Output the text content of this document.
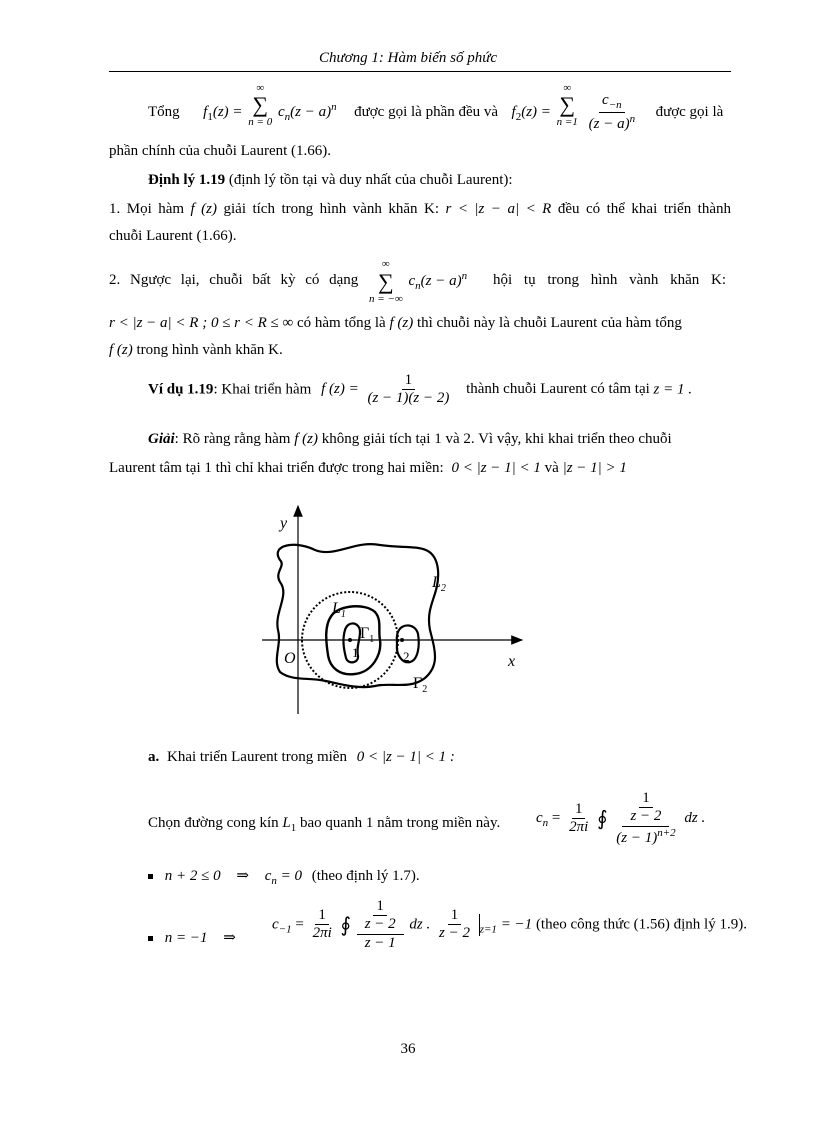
Chương 1: Hàm biến số phức
Tổng $f_1(z)$ =
∞
∑
n = 0
$c_n(z - a)^n$ được gọi là phần đều và $f_2(z)$ =
∞
∑
n =1
$\frac{c_{-n}}{(z - a)^n}$ được gọi là
phần chính của chuỗi Laurent (1.66).
Định lý 1.19 (định lý tồn tại và duy nhất của chuỗi Laurent):
1. Mọi hàm f (z) giải tích trong hình vành khăn K: r < |z − a| < R đều có thể khai triển thành
chuỗi Laurent (1.66).
2. Ngược lại, chuỗi bất kỳ có dạng
∞
∑
n = −∞
$c_n(z - a)^n$ hội tụ trong hình vành khăn K:
r < |z − a| < R ; 0 ≤ r < R ≤ ∞ có hàm tổng là f (z) thì chuỗi này là chuỗi Laurent của hàm tổng
f (z) trong hình vành khăn K.
Ví dụ 1.19: Khai triển hàm f $(z) = \frac{1}{(z - 1)(z - 2)}$ thành chuỗi Laurent có tâm tại z = 1 .
Giải: Rõ ràng rằng hàm f (z) không giải tích tại 1 và 2. Vì vậy, khi khai triển theo chuỗi
Laurent tâm tại 1 thì chỉ khai triển được trong hai miền: 0 < |z − 1| < 1 và |z − 1| > 1
y
x
O
$L_1$
$L_2$
$\Gamma_1$
$\Gamma_2$
1	2
a. Khai triển Laurent trong miền 0 < |z − 1| < 1 :
Chọn đường cong kín $L_1$ bao quanh 1 nằm trong miền này. $c_n = \frac{1}{2\pi i}$ ∮ $\frac{\frac{1}{z - 2}}{(z - 1)^{n+2}}$ dz .
n + 2 ≤ 0 ⇒ $c_n = 0$ (theo định lý 1.7).
n = −1 ⇒
$c_{-1} = \frac{1}{2\pi i}$ ∮ $\frac{\frac{1}{z - 2}}{z - 1}$ dz . $\frac{1}{z - 2} _{z=1} = -1$ (theo công thức (1.56) định lý 1.9).
36
